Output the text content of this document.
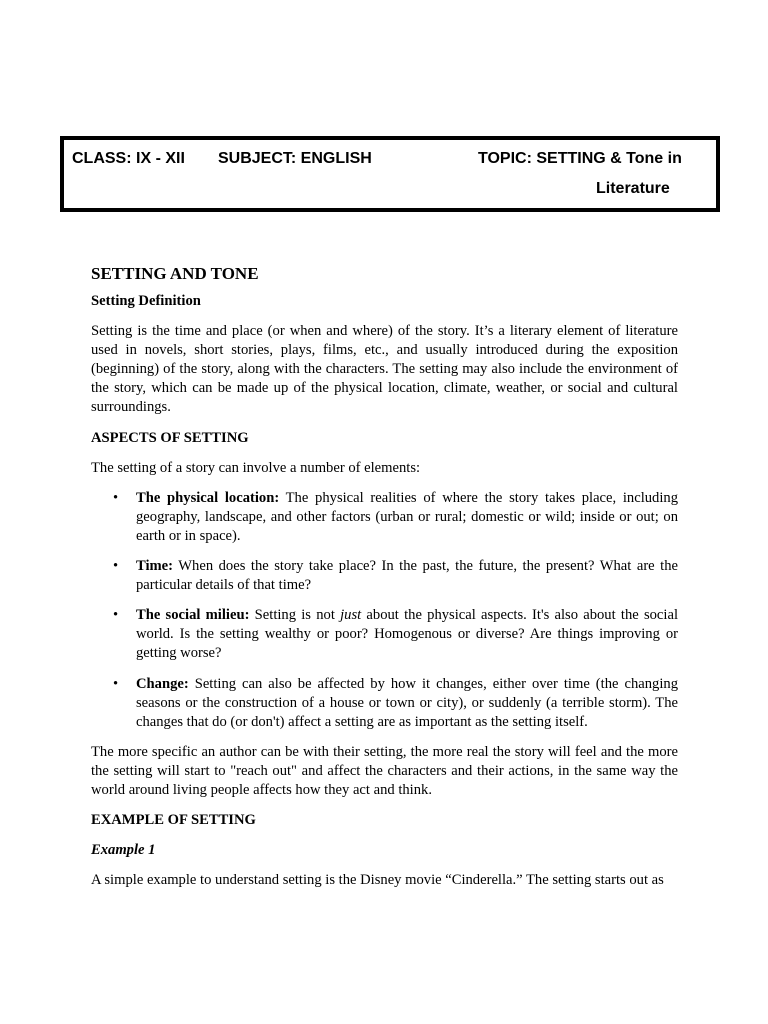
CLASS: IX - XII SUBJECT: ENGLISH	TOPIC: SETTING & Tone in
Literature

SETTING AND TONE

Setting Definition

Setting is the time and place (or when and where) of the story. It’s a literary element of literature used in novels, short stories, plays, films, etc., and usually introduced during the exposition (beginning) of the story, along with the characters. The setting may also include the environment of the story, which can be made up of the physical location, climate, weather, or social and cultural surroundings.

ASPECTS OF SETTING

The setting of a story can involve a number of elements:

• The physical location: The physical realities of where the story takes place, including geography, landscape, and other factors (urban or rural; domestic or wild; inside or out; on earth or in space).
• Time: When does the story take place? In the past, the future, the present? What are the particular details of that time?
• The social milieu: Setting is not just about the physical aspects. It's also about the social world. Is the setting wealthy or poor? Homogenous or diverse? Are things improving or getting worse?
• Change: Setting can also be affected by how it changes, either over time (the changing seasons or the construction of a house or town or city), or suddenly (a terrible storm). The changes that do (or don't) affect a setting are as important as the setting itself.

The more specific an author can be with their setting, the more real the story will feel and the more the setting will start to "reach out" and affect the characters and their actions, in the same way the world around living people affects how they act and think.

EXAMPLE OF SETTING

Example 1

A simple example to understand setting is the Disney movie “Cinderella.” The setting starts out as
